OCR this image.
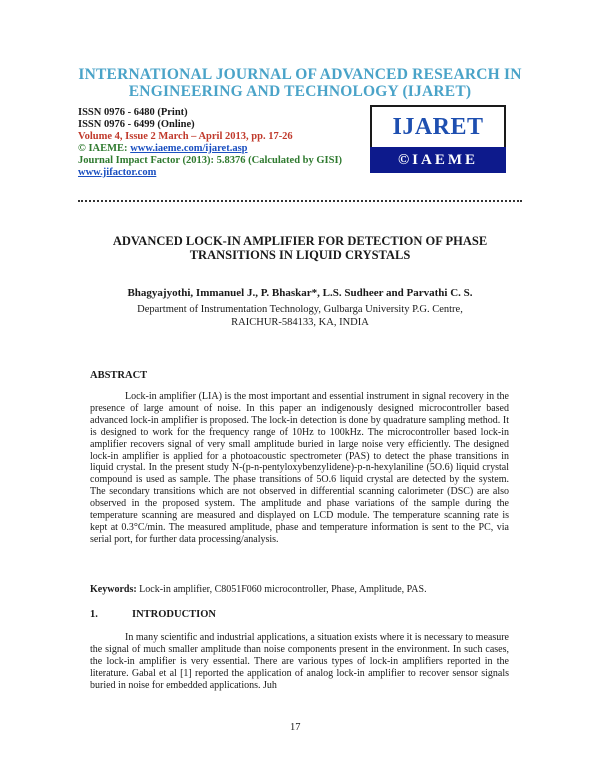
INTERNATIONAL JOURNAL OF ADVANCED RESEARCH IN
ENGINEERING AND TECHNOLOGY (IJARET)
ISSN 0976 - 6480 (Print)
ISSN 0976 - 6499 (Online)
Volume 4, Issue 2 March – April 2013, pp. 17-26
© IAEME: www.iaeme.com/ijaret.asp
Journal Impact Factor (2013): 5.8376 (Calculated by GISI)
www.jifactor.com
IJARET
©IAEME
ADVANCED LOCK-IN AMPLIFIER FOR DETECTION OF PHASE
TRANSITIONS IN LIQUID CRYSTALS
Bhagyajyothi, Immanuel J., P. Bhaskar*, L.S. Sudheer and Parvathi C. S.
Department of Instrumentation Technology, Gulbarga University P.G. Centre,
RAICHUR-584133, KA, INDIA
ABSTRACT
Lock-in amplifier (LIA) is the most important and essential instrument in signal recovery in the presence of large amount of noise. In this paper an indigenously designed microcontroller based advanced lock-in amplifier is proposed. The lock-in detection is done by quadrature sampling method. It is designed to work for the frequency range of 10Hz to 100kHz. The microcontroller based lock-in amplifier recovers signal of very small amplitude buried in large noise very efficiently. The designed lock-in amplifier is applied for a photoacoustic spectrometer (PAS) to detect the phase transitions in liquid crystal. In the present study N-(p-n-pentyloxybenzylidene)-p-n-hexylaniline (5O.6) liquid crystal compound is used as sample. The phase transitions of 5O.6 liquid crystal are detected by the system. The secondary transitions which are not observed in differential scanning calorimeter (DSC) are also observed in the proposed system. The amplitude and phase variations of the sample during the temperature scanning are measured and displayed on LCD module. The temperature scanning rate is kept at 0.3°C/min. The measured amplitude, phase and temperature information is sent to the PC, via serial port, for further data processing/analysis.
Keywords: Lock-in amplifier, C8051F060 microcontroller, Phase, Amplitude, PAS.
1.	INTRODUCTION
In many scientific and industrial applications, a situation exists where it is necessary to measure the signal of much smaller amplitude than noise components present in the environment. In such cases, the lock-in amplifier is very essential. There are various types of lock-in amplifiers reported in the literature. Gabal et al [1] reported the application of analog lock-in amplifier to recover sensor signals buried in noise for embedded applications. Juh
17
